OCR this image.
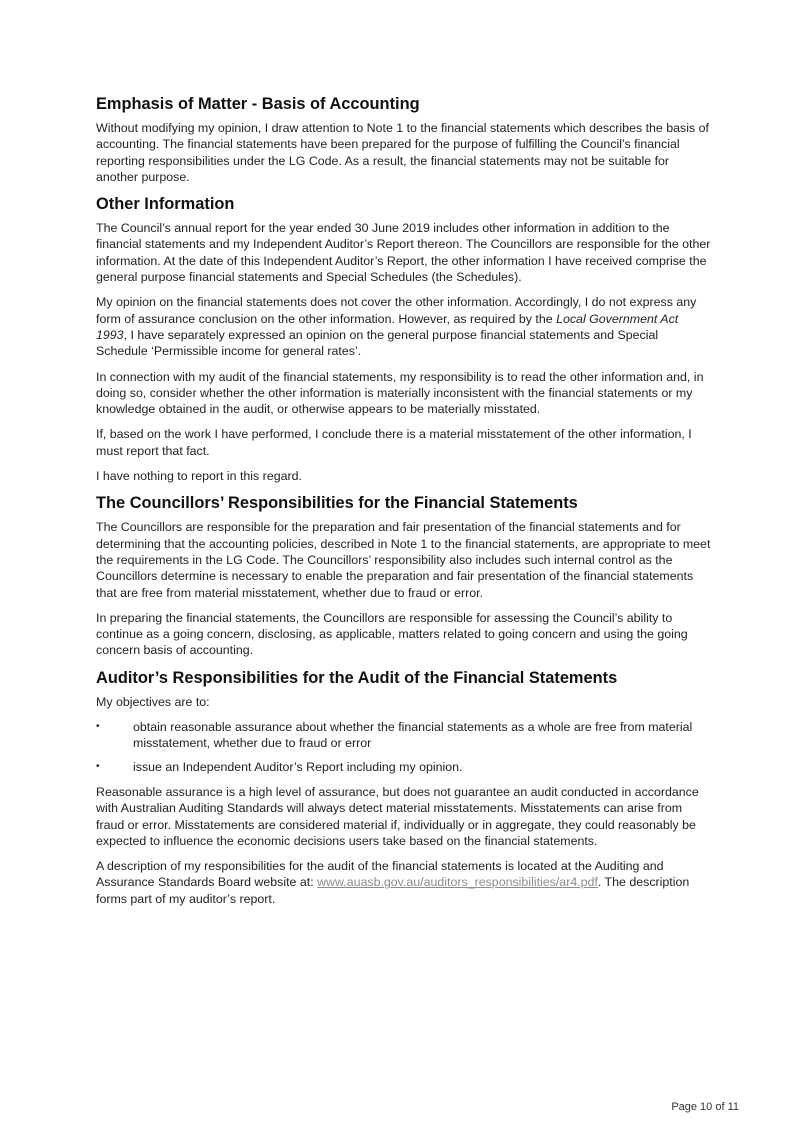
Emphasis of Matter - Basis of Accounting

Without modifying my opinion, I draw attention to Note 1 to the financial statements which describes the basis of accounting. The financial statements have been prepared for the purpose of fulfilling the Council’s financial reporting responsibilities under the LG Code. As a result, the financial statements may not be suitable for another purpose.

Other Information

The Council’s annual report for the year ended 30 June 2019 includes other information in addition to the financial statements and my Independent Auditor’s Report thereon. The Councillors are responsible for the other information. At the date of this Independent Auditor’s Report, the other information I have received comprise the general purpose financial statements and Special Schedules (the Schedules).

My opinion on the financial statements does not cover the other information. Accordingly, I do not express any form of assurance conclusion on the other information. However, as required by the Local Government Act 1993, I have separately expressed an opinion on the general purpose financial statements and Special Schedule ‘Permissible income for general rates’.

In connection with my audit of the financial statements, my responsibility is to read the other information and, in doing so, consider whether the other information is materially inconsistent with the financial statements or my knowledge obtained in the audit, or otherwise appears to be materially misstated.

If, based on the work I have performed, I conclude there is a material misstatement of the other information, I must report that fact.

I have nothing to report in this regard.

The Councillors’ Responsibilities for the Financial Statements

The Councillors are responsible for the preparation and fair presentation of the financial statements and for determining that the accounting policies, described in Note 1 to the financial statements, are appropriate to meet the requirements in the LG Code. The Councillors’ responsibility also includes such internal control as the Councillors determine is necessary to enable the preparation and fair presentation of the financial statements that are free from material misstatement, whether due to fraud or error.

In preparing the financial statements, the Councillors are responsible for assessing the Council’s ability to continue as a going concern, disclosing, as applicable, matters related to going concern and using the going concern basis of accounting.

Auditor’s Responsibilities for the Audit of the Financial Statements

My objectives are to:

•	obtain reasonable assurance about whether the financial statements as a whole are free from material misstatement, whether due to fraud or error
•	issue an Independent Auditor’s Report including my opinion.

Reasonable assurance is a high level of assurance, but does not guarantee an audit conducted in accordance with Australian Auditing Standards will always detect material misstatements. Misstatements can arise from fraud or error. Misstatements are considered material if, individually or in aggregate, they could reasonably be expected to influence the economic decisions users take based on the financial statements.

A description of my responsibilities for the audit of the financial statements is located at the Auditing and Assurance Standards Board website at: www.auasb.gov.au/auditors_responsibilities/ar4.pdf. The description forms part of my auditor’s report.

Page 10 of 11
